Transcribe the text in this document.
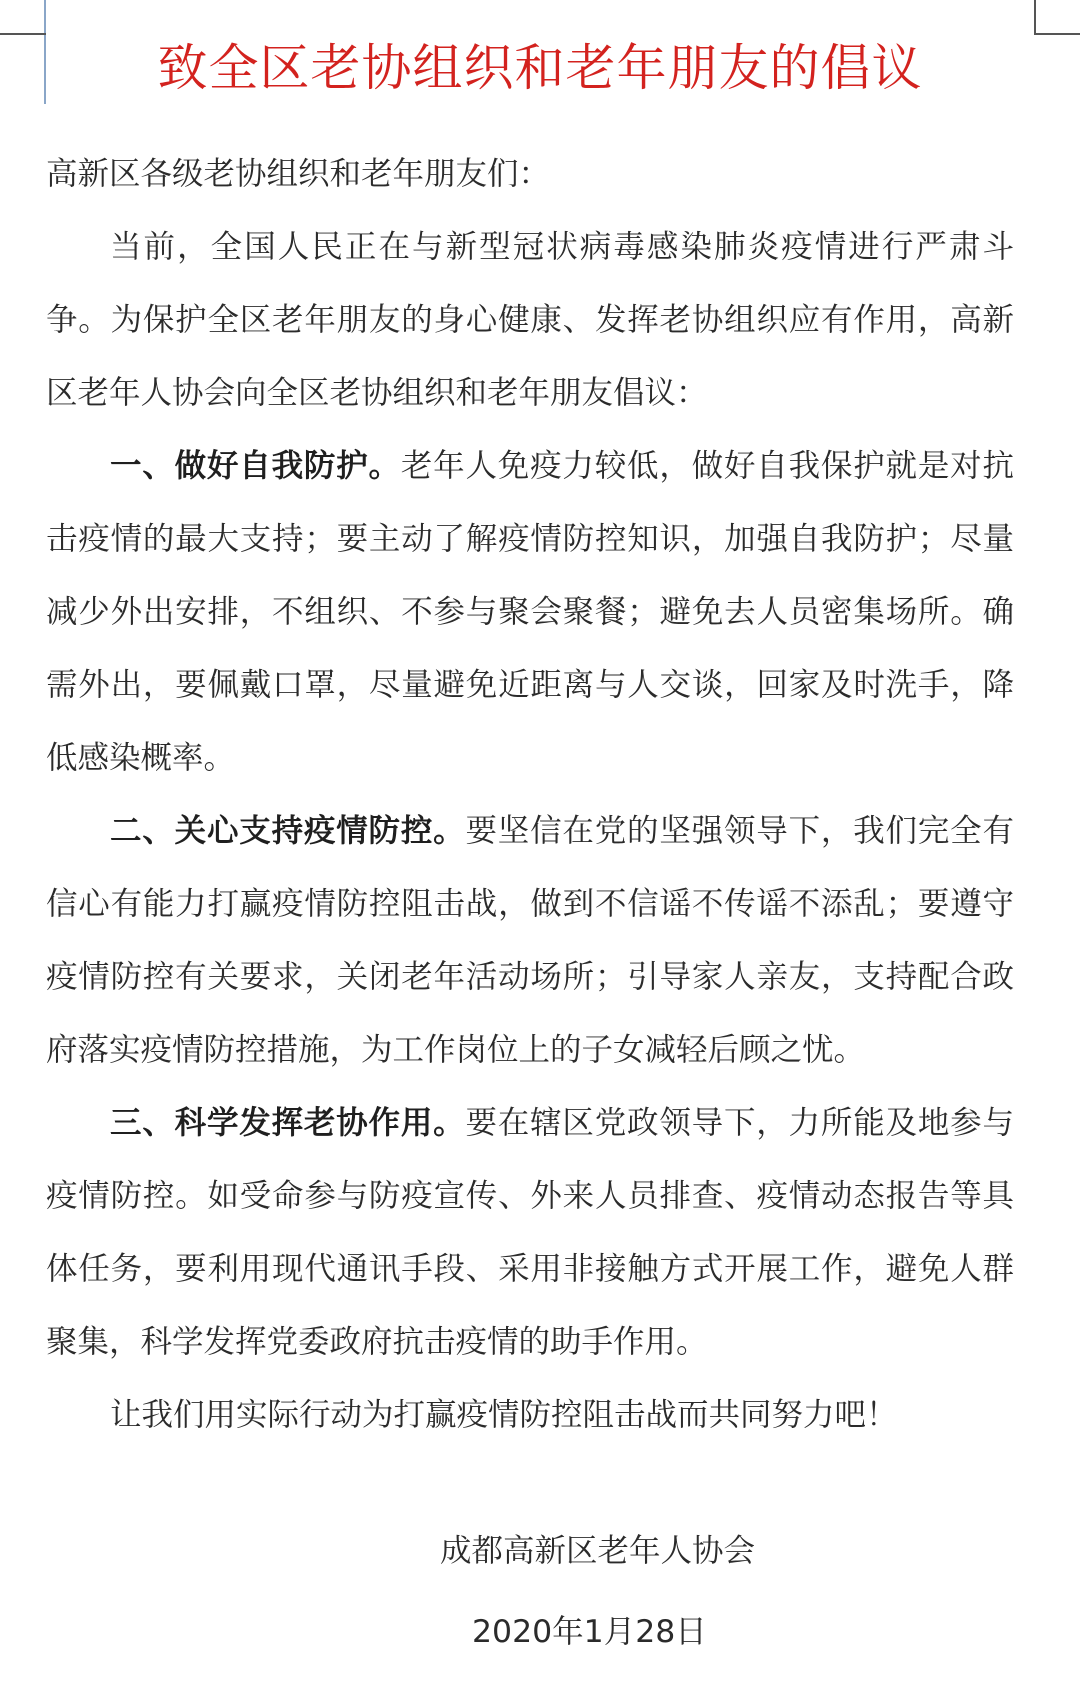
致全区老协组织和老年朋友的倡议

高新区各级老协组织和老年朋友们：

当前，全国人民正在与新型冠状病毒感染肺炎疫情进行严肃斗争。为保护全区老年朋友的身心健康、发挥老协组织应有作用，高新区老年人协会向全区老协组织和老年朋友倡议：

一、做好自我防护。老年人免疫力较低，做好自我保护就是对抗击疫情的最大支持；要主动了解疫情防控知识，加强自我防护；尽量减少外出安排，不组织、不参与聚会聚餐；避免去人员密集场所。确需外出，要佩戴口罩，尽量避免近距离与人交谈，回家及时洗手，降低感染概率。

二、关心支持疫情防控。要坚信在党的坚强领导下，我们完全有信心有能力打赢疫情防控阻击战，做到不信谣不传谣不添乱；要遵守疫情防控有关要求，关闭老年活动场所；引导家人亲友，支持配合政府落实疫情防控措施，为工作岗位上的子女减轻后顾之忧。

三、科学发挥老协作用。要在辖区党政领导下，力所能及地参与疫情防控。如受命参与防疫宣传、外来人员排查、疫情动态报告等具体任务，要利用现代通讯手段、采用非接触方式开展工作，避免人群聚集，科学发挥党委政府抗击疫情的助手作用。

让我们用实际行动为打赢疫情防控阻击战而共同努力吧！

成都高新区老年人协会
2020年1月28日
